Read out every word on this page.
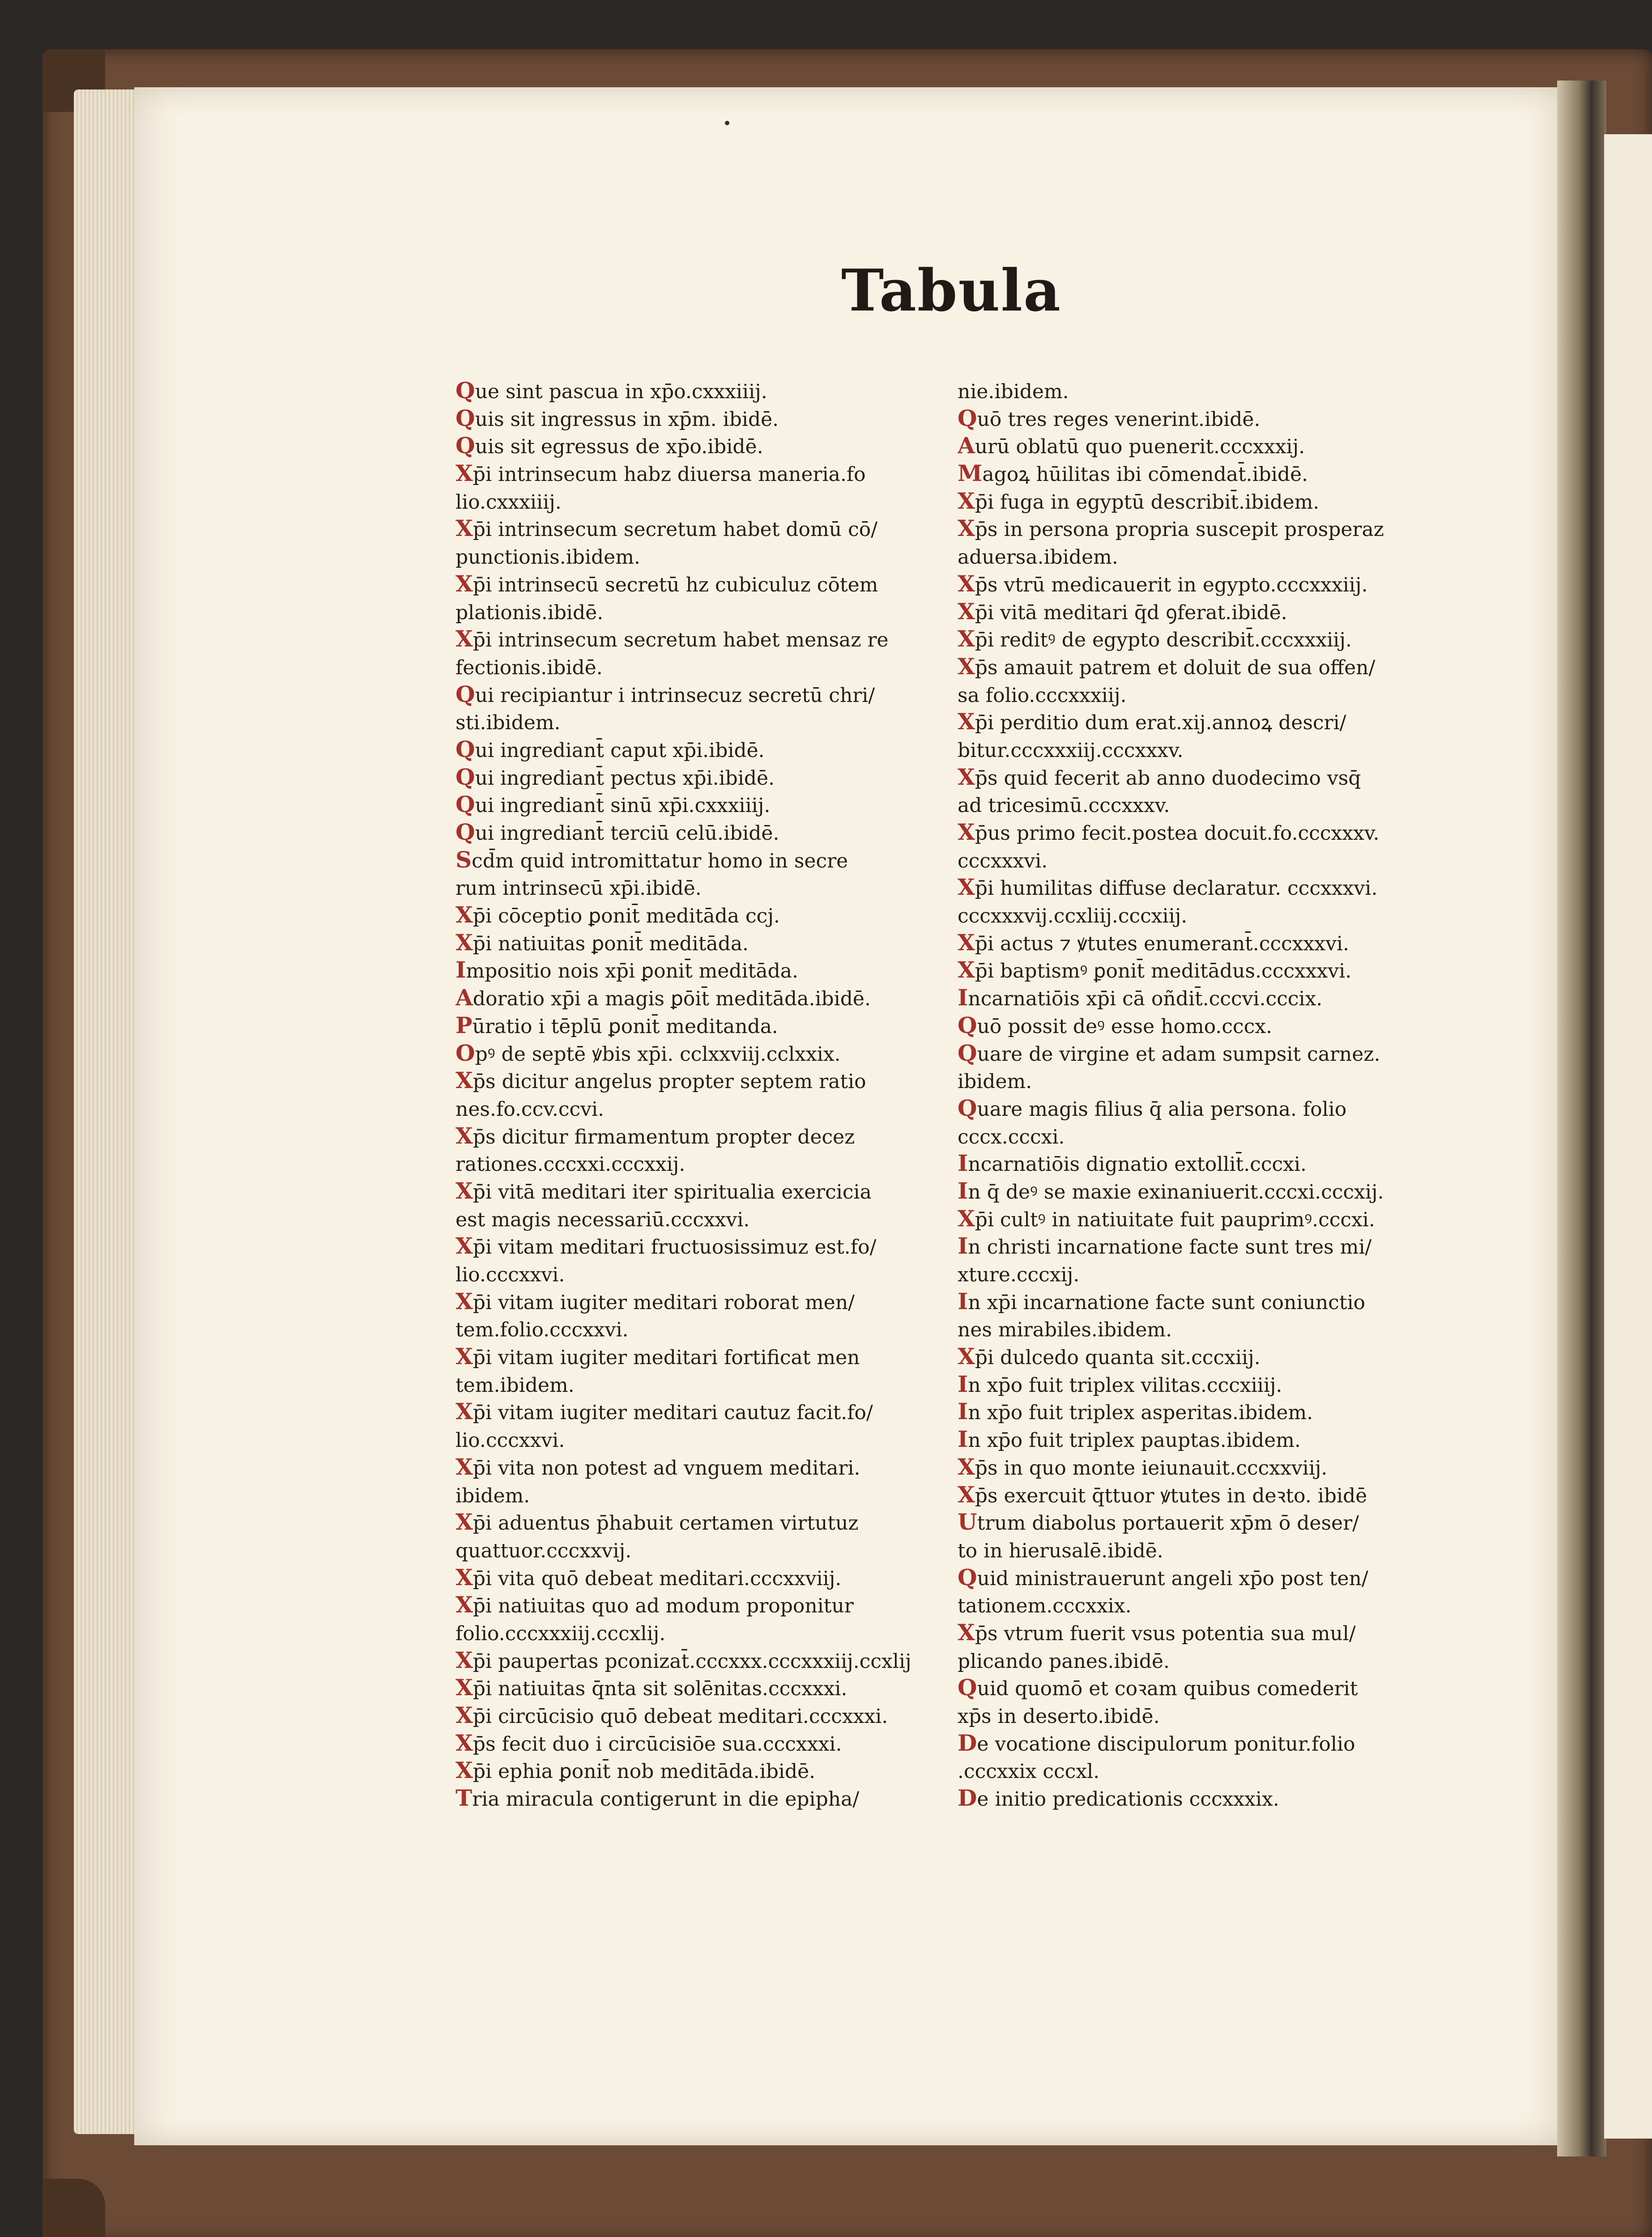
Tabula
Que sint pascua in xp̄o.cxxxiiij.
Quis sit ingressus in xp̄m. ibidē.
Quis sit egressus de xp̄o.ibidē.
Xp̄i intrinsecum habz diuersa maneria.fo
lio.cxxxiiij.
Xp̄i intrinsecum secretum habet domū cō/
punctionis.ibidem.
Xp̄i intrinsecū secretū hz cubiculuz cōtem
plationis.ibidē.
Xp̄i intrinsecum secretum habet mensaz re
fectionis.ibidē.
Qui recipiantur i intrinsecuz secretū chri/
sti.ibidem.
Qui ingrediant̄ caput xp̄i.ibidē.
Qui ingrediant̄ pectus xp̄i.ibidē.
Qui ingrediant̄ sinū xp̄i.cxxxiiij.
Qui ingrediant̄ terciū celū.ibidē.
Scd̄m quid intromittatur homo in secre
rum intrinsecū xp̄i.ibidē.
Xp̄i cōceptio ꝑonit̄ meditāda ccj.
Xp̄i natiuitas ꝑonit̄ meditāda.
Impositio nois xp̄i ꝑonit̄ meditāda.
Adoratio xp̄i a magis ꝑōit̄ meditāda.ibidē.
Pūratio i tēplū ꝑonit̄ meditanda.
Opꝰ de septē ꝟbis xp̄i. cclxxviij.cclxxix.
Xp̄s dicitur angelus propter septem ratio
nes.fo.ccv.ccvi.
Xp̄s dicitur firmamentum propter decez
rationes.cccxxi.cccxxij.
Xp̄i vitā meditari iter spiritualia exercicia
est magis necessariū.cccxxvi.
Xp̄i vitam meditari fructuosissimuz est.fo/
lio.cccxxvi.
Xp̄i vitam iugiter meditari roborat men/
tem.folio.cccxxvi.
Xp̄i vitam iugiter meditari fortificat men
tem.ibidem.
Xp̄i vitam iugiter meditari cautuz facit.fo/
lio.cccxxvi.
Xp̄i vita non potest ad vnguem meditari.
ibidem.
Xp̄i aduentus p̄habuit certamen virtutuz
quattuor.cccxxvij.
Xp̄i vita quō debeat meditari.cccxxviij.
Xp̄i natiuitas quo ad modum proponitur
folio.cccxxxiij.cccxlij.
Xp̄i paupertas pconizat̄.cccxxx.cccxxxiij.ccxlij
Xp̄i natiuitas q̄nta sit solēnitas.cccxxxi.
Xp̄i circūcisio quō debeat meditari.cccxxxi.
Xp̄s fecit duo i circūcisiōe sua.cccxxxi.
Xp̄i ephia ꝑonit̄ nob meditāda.ibidē.
Tria miracula contigerunt in die epipha/
nie.ibidem.
Quō tres reges venerint.ibidē.
Aurū oblatū quo puenerit.cccxxxij.
Magoꝝ hūilitas ibi cōmendat̄.ibidē.
Xp̄i fuga in egyptū describit̄.ibidem.
Xp̄s in persona propria suscepit prosperaz
aduersa.ibidem.
Xp̄s vtrū medicauerit in egypto.cccxxxiij.
Xp̄i vitā meditari q̄d ꝯferat.ibidē.
Xp̄i reditꝰ de egypto describit̄.cccxxxiij.
Xp̄s amauit patrem et doluit de sua offen/
sa folio.cccxxxiij.
Xp̄i perditio dum erat.xij.annoꝝ descri/
bitur.cccxxxiij.cccxxxv.
Xp̄s quid fecerit ab anno duodecimo vsq̄
ad tricesimū.cccxxxv.
Xp̄us primo fecit.postea docuit.fo.cccxxxv.
cccxxxvi.
Xp̄i humilitas diffuse declaratur. cccxxxvi.
cccxxxvij.ccxliij.cccxiij.
Xp̄i actus ⁊ ꝟtutes enumerant̄.cccxxxvi.
Xp̄i baptismꝰ ꝑonit̄ meditādus.cccxxxvi.
Incarnatiōis xp̄i cā oñdit̄.cccvi.cccix.
Quō possit deꝰ esse homo.cccx.
Quare de virgine et adam sumpsit carnez.
ibidem.
Quare magis filius q̄ alia persona. folio
cccx.cccxi.
Incarnatiōis dignatio extollit̄.cccxi.
In q̄ deꝰ se maxie exinaniuerit.cccxi.cccxij.
Xp̄i cultꝰ in natiuitate fuit pauprimꝰ.cccxi.
In christi incarnatione facte sunt tres mi/
xture.cccxij.
In xp̄i incarnatione facte sunt coniunctio
nes mirabiles.ibidem.
Xp̄i dulcedo quanta sit.cccxiij.
In xp̄o fuit triplex vilitas.cccxiiij.
In xp̄o fuit triplex asperitas.ibidem.
In xp̄o fuit triplex pauptas.ibidem.
Xp̄s in quo monte ieiunauit.cccxxviij.
Xp̄s exercuit q̄ttuor ꝟtutes in deꝛto. ibidē
Utrum diabolus portauerit xp̄m ō deser/
to in hierusalē.ibidē.
Quid ministrauerunt angeli xp̄o post ten/
tationem.cccxxix.
Xp̄s vtrum fuerit vsus potentia sua mul/
plicando panes.ibidē.
Quid quomō et coꝛam quibus comederit
xp̄s in deserto.ibidē.
De vocatione discipulorum ponitur.folio
.cccxxix cccxl.
De initio predicationis cccxxxix.
